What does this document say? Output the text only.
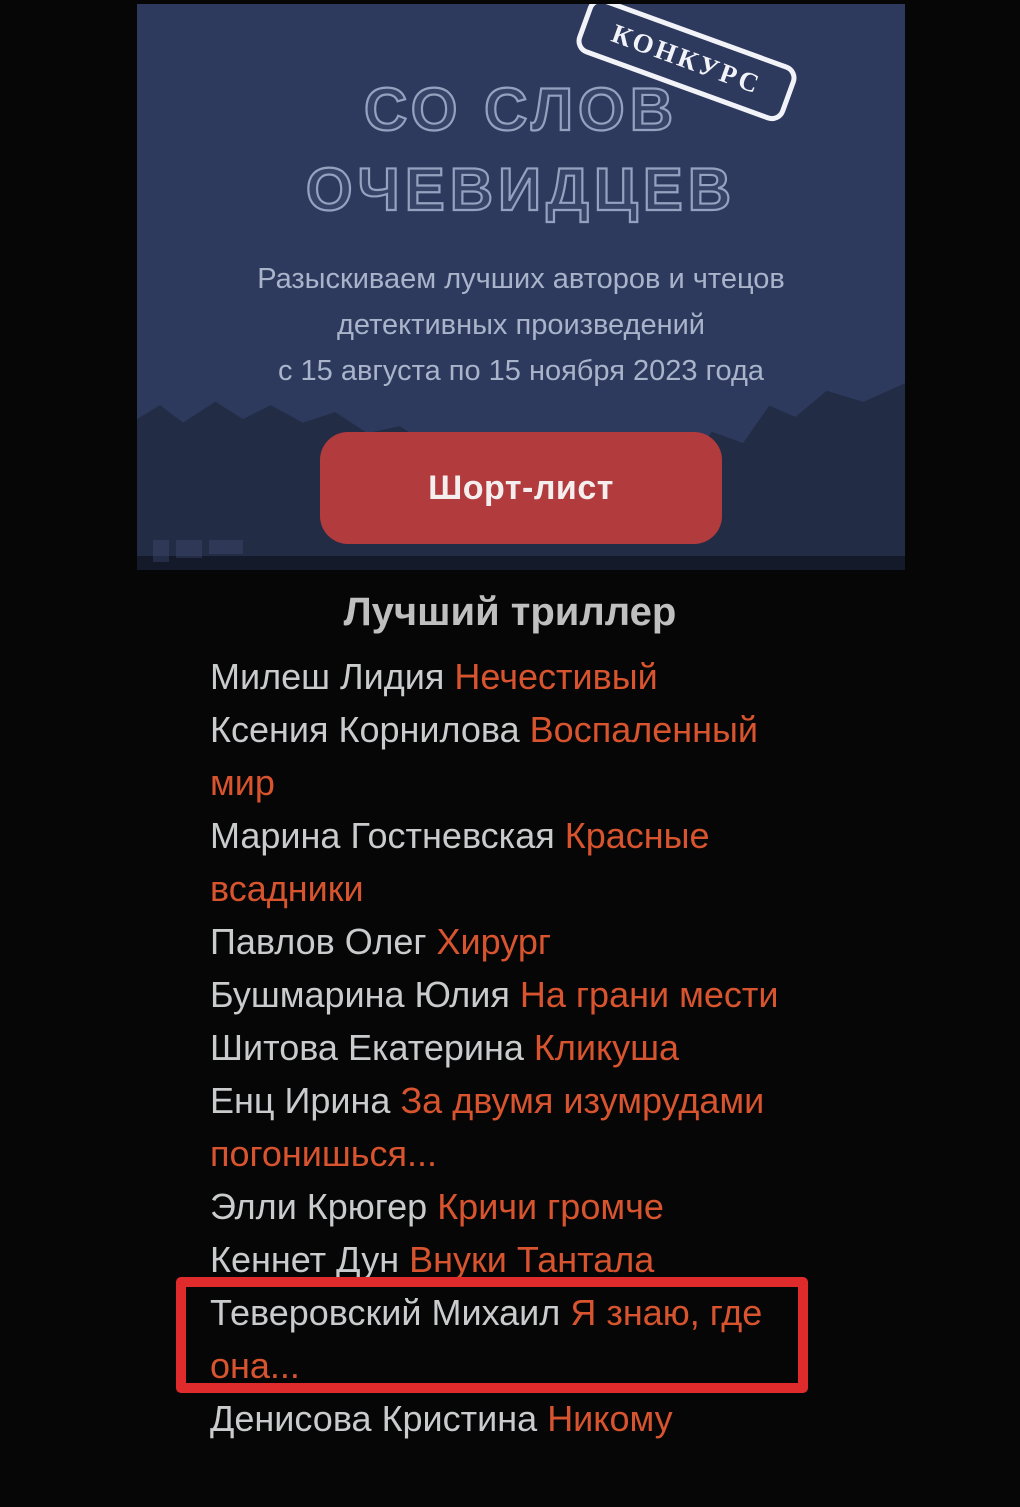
КОНКУРС
СО СЛОВ
ОЧЕВИДЦЕВ
Разыскиваем лучших авторов и чтецов
детективных произведений
с 15 августа по 15 ноября 2023 года
Шорт-лист
Лучший триллер
Милеш Лидия Нечестивый
Ксения Корнилова Воспаленный мир
Марина Гостневская Красные всадники
Павлов Олег Хирург
Бушмарина Юлия На грани мести
Шитова Екатерина Кликуша
Енц Ирина За двумя изумрудами погонишься...
Элли Крюгер Кричи громче
Кеннет Дун Внуки Тантала
Теверовский Михаил Я знаю, где она...
Денисова Кристина Никому
